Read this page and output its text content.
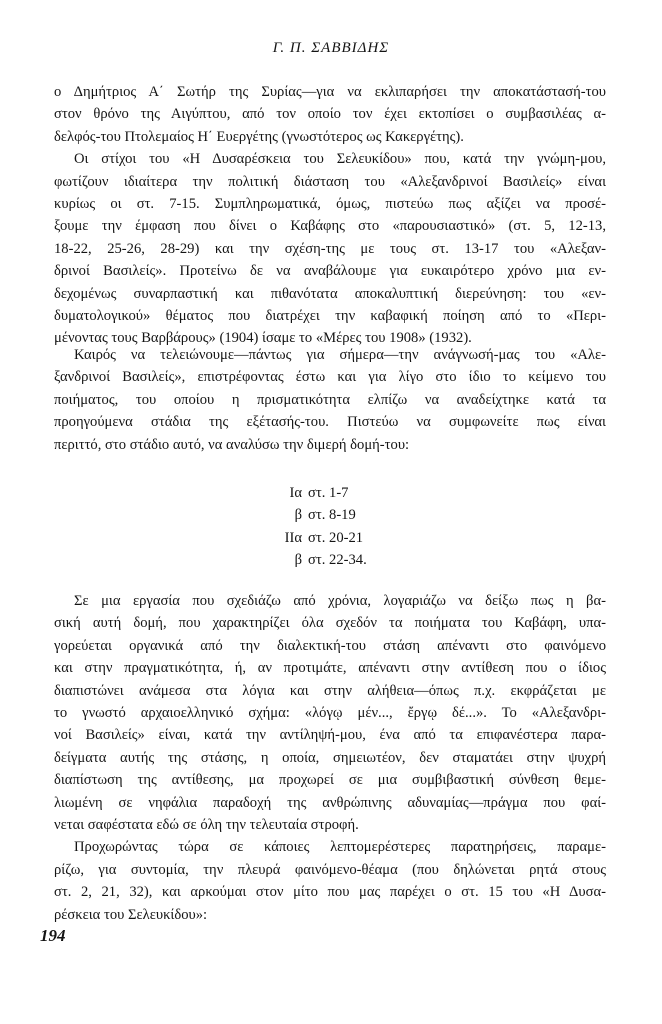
Γ. Π. ΣΑΒΒΙΔΗΣ
ο Δημήτριος Α΄ Σωτήρ της Συρίας—για να εκλιπαρήσει την αποκατάστασή-του
στον θρόνο της Αιγύπτου, από τον οποίο τον έχει εκτοπίσει ο συμβασιλέας α-
δελφός-του Πτολεμαίος Η΄ Ευεργέτης (γνωστότερος ως Κακεργέτης).
Οι στίχοι του «Η Δυσαρέσκεια του Σελευκίδου» που, κατά την γνώμη-μου,
φωτίζουν ιδιαίτερα την πολιτική διάσταση του «Αλεξανδρινοί Βασιλείς» είναι
κυρίως οι στ. 7-15. Συμπληρωματικά, όμως, πιστεύω πως αξίζει να προσέ-
ξουμε την έμφαση που δίνει ο Καβάφης στο «παρουσιαστικό» (στ. 5, 12-13,
18-22, 25-26, 28-29) και την σχέση-της με τους στ. 13-17 του «Αλεξαν-
δρινοί Βασιλείς». Προτείνω δε να αναβάλουμε για ευκαιρότερο χρόνο μια εν-
δεχομένως συναρπαστική και πιθανότατα αποκαλυπτική διερεύνηση: του «εν-
δυματολογικού» θέματος που διατρέχει την καβαφική ποίηση από το «Περι-
μένοντας τους Βαρβάρους» (1904) ίσαμε το «Μέρες του 1908» (1932).
Καιρός να τελειώνουμε—πάντως για σήμερα—την ανάγνωσή-μας του «Αλε-
ξανδρινοί Βασιλείς», επιστρέφοντας έστω και για λίγο στο ίδιο το κείμενο του
ποιήματος, του οποίου η πρισματικότητα ελπίζω να αναδείχτηκε κατά τα
προηγούμενα στάδια της εξέτασής-του. Πιστεύω να συμφωνείτε πως είναι
περιττό, στο στάδιο αυτό, να αναλύσω την διμερή δομή-του:
Ια στ. 1-7
β στ. 8-19
ΙΙα στ. 20-21
β στ. 22-34.
Σε μια εργασία που σχεδιάζω από χρόνια, λογαριάζω να δείξω πως η βα-
σική αυτή δομή, που χαρακτηρίζει όλα σχεδόν τα ποιήματα του Καβάφη, υπα-
γορεύεται οργανικά από την διαλεκτική-του στάση απέναντι στο φαινόμενο
και στην πραγματικότητα, ή, αν προτιμάτε, απέναντι στην αντίθεση που ο ίδιος
διαπιστώνει ανάμεσα στα λόγια και στην αλήθεια—όπως π.χ. εκφράζεται με
το γνωστό αρχαιοελληνικό σχήμα: «λόγῳ μέν..., ἔργῳ δέ...». Το «Αλεξανδρι-
νοί Βασιλείς» είναι, κατά την αντίληψή-μου, ένα από τα επιφανέστερα παρα-
δείγματα αυτής της στάσης, η οποία, σημειωτέον, δεν σταματάει στην ψυχρή
διαπίστωση της αντίθεσης, μα προχωρεί σε μια συμβιβαστική σύνθεση θεμε-
λιωμένη σε νηφάλια παραδοχή της ανθρώπινης αδυναμίας—πράγμα που φαί-
νεται σαφέστατα εδώ σε όλη την τελευταία στροφή.
Προχωρώντας τώρα σε κάποιες λεπτομερέστερες παρατηρήσεις, παραμε-
ρίζω, για συντομία, την πλευρά φαινόμενο-θέαμα (που δηλώνεται ρητά στους
στ. 2, 21, 32), και αρκούμαι στον μίτο που μας παρέχει ο στ. 15 του «Η Δυσα-
ρέσκεια του Σελευκίδου»:
194
